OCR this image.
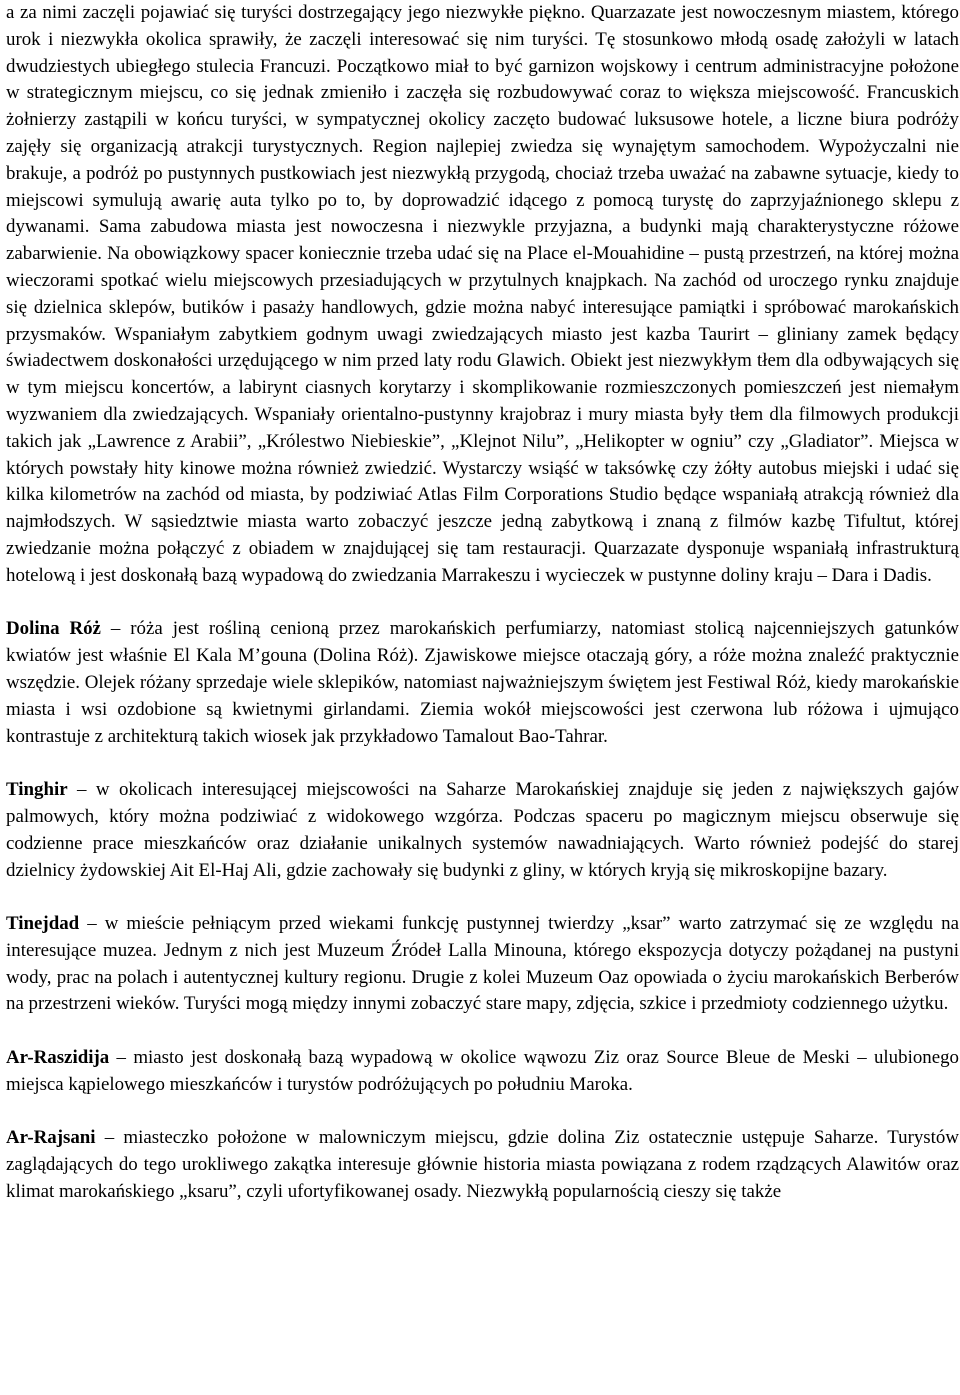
a za nimi zaczęli pojawiać się turyści dostrzegający jego niezwykłe piękno. Quarzazate jest nowoczesnym miastem, którego urok i niezwykła okolica sprawiły, że zaczęli interesować się nim turyści. Tę stosunkowo młodą osadę założyli w latach dwudziestych ubiegłego stulecia Francuzi. Początkowo miał to być garnizon wojskowy i centrum administracyjne położone w strategicznym miejscu, co się jednak zmieniło i zaczęła się rozbudowywać coraz to większa miejscowość. Francuskich żołnierzy zastąpili w końcu turyści, w sympatycznej okolicy zaczęto budować luksusowe hotele, a liczne biura podróży zajęły się organizacją atrakcji turystycznych. Region najlepiej zwiedza się wynajętym samochodem. Wypożyczalni nie brakuje, a podróż po pustynnych pustkowiach jest niezwykłą przygodą, chociaż trzeba uważać na zabawne sytuacje, kiedy to miejscowi symulują awarię auta tylko po to, by doprowadzić idącego z pomocą turystę do zaprzyjaźnionego sklepu z dywanami. Sama zabudowa miasta jest nowoczesna i niezwykle przyjazna, a budynki mają charakterystyczne różowe zabarwienie. Na obowiązkowy spacer koniecznie trzeba udać się na Place el-Mouahidine – pustą przestrzeń, na której można wieczorami spotkać wielu miejscowych przesiadujących w przytulnych knajpkach. Na zachód od uroczego rynku znajduje się dzielnica sklepów, butików i pasaży handlowych, gdzie można nabyć interesujące pamiątki i spróbować marokańskich przysmaków. Wspaniałym zabytkiem godnym uwagi zwiedzających miasto jest kazba Taurirt – gliniany zamek będący świadectwem doskonałości urzędującego w nim przed laty rodu Glawich. Obiekt jest niezwykłym tłem dla odbywających się w tym miejscu koncertów, a labirynt ciasnych korytarzy i skomplikowanie rozmieszczonych pomieszczeń jest niemałym wyzwaniem dla zwiedzających. Wspaniały orientalno-pustynny krajobraz i mury miasta były tłem dla filmowych produkcji takich jak „Lawrence z Arabii”, „Królestwo Niebieskie”, „Klejnot Nilu”, „Helikopter w ogniu” czy „Gladiator”. Miejsca w których powstały hity kinowe można również zwiedzić. Wystarczy wsiąść w taksówkę czy żółty autobus miejski i udać się kilka kilometrów na zachód od miasta, by podziwiać Atlas Film Corporations Studio będące wspaniałą atrakcją również dla najmłodszych. W sąsiedztwie miasta warto zobaczyć jeszcze jedną zabytkową i znaną z filmów kazbę Tifultut, której zwiedzanie można połączyć z obiadem w znajdującej się tam restauracji. Quarzazate dysponuje wspaniałą infrastrukturą hotelową i jest doskonałą bazą wypadową do zwiedzania Marrakeszu i wycieczek w pustynne doliny kraju – Dara i Dadis.

Dolina Róż – róża jest rośliną cenioną przez marokańskich perfumiarzy, natomiast stolicą najcenniejszych gatunków kwiatów jest właśnie El Kala M’gouna (Dolina Róż). Zjawiskowe miejsce otaczają góry, a róże można znaleźć praktycznie wszędzie. Olejek różany sprzedaje wiele sklepików, natomiast najważniejszym świętem jest Festiwal Róż, kiedy marokańskie miasta i wsi ozdobione są kwietnymi girlandami. Ziemia wokół miejscowości jest czerwona lub różowa i ujmująco kontrastuje z architekturą takich wiosek jak przykładowo Tamalout Bao-Tahrar.

Tinghir – w okolicach interesującej miejscowości na Saharze Marokańskiej znajduje się jeden z największych gajów palmowych, który można podziwiać z widokowego wzgórza. Podczas spaceru po magicznym miejscu obserwuje się codzienne prace mieszkańców oraz działanie unikalnych systemów nawadniających. Warto również podejść do starej dzielnicy żydowskiej Ait El-Haj Ali, gdzie zachowały się budynki z gliny, w których kryją się mikroskopijne bazary.

Tinejdad – w mieście pełniącym przed wiekami funkcję pustynnej twierdzy „ksar” warto zatrzymać się ze względu na interesujące muzea. Jednym z nich jest Muzeum Źródeł Lalla Minouna, którego ekspozycja dotyczy pożądanej na pustyni wody, prac na polach i autentycznej kultury regionu. Drugie z kolei Muzeum Oaz opowiada o życiu marokańskich Berberów na przestrzeni wieków. Turyści mogą między innymi zobaczyć stare mapy, zdjęcia, szkice i przedmioty codziennego użytku.

Ar-Raszidija – miasto jest doskonałą bazą wypadową w okolice wąwozu Ziz oraz Source Bleue de Meski – ulubionego miejsca kąpielowego mieszkańców i turystów podróżujących po południu Maroka.

Ar-Rajsani – miasteczko położone w malowniczym miejscu, gdzie dolina Ziz ostatecznie ustępuje Saharze. Turystów zaglądających do tego urokliwego zakątka interesuje głównie historia miasta powiązana z rodem rządzących Alawitów oraz klimat marokańskiego „ksaru”, czyli ufortyfikowanej osady. Niezwykłą popularnością cieszy się także
